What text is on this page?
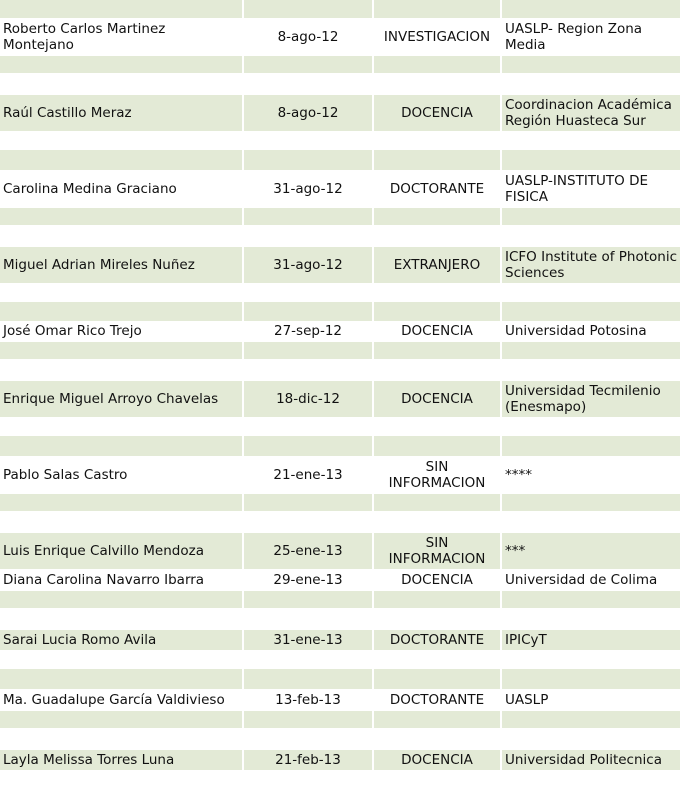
Roberto Carlos Martinez Montejano	8-ago-12	INVESTIGACION	UASLP- Region Zona Media

Raúl Castillo Meraz	8-ago-12	DOCENCIA	Coordinacion Académica Región Huasteca Sur

Carolina Medina Graciano	31-ago-12	DOCTORANTE	UASLP-INSTITUTO DE FISICA

Miguel Adrian Mireles Nuñez	31-ago-12	EXTRANJERO	ICFO Institute of Photonic Sciences

José Omar Rico Trejo	27-sep-12	DOCENCIA	Universidad Potosina

Enrique Miguel Arroyo Chavelas	18-dic-12	DOCENCIA	Universidad Tecmilenio (Enesmapo)

Pablo Salas Castro	21-ene-13	SIN INFORMACION	****

Luis Enrique Calvillo Mendoza	25-ene-13	SIN INFORMACION	***
Diana Carolina Navarro Ibarra	29-ene-13	DOCENCIA	Universidad de Colima

Sarai Lucia Romo Avila	31-ene-13	DOCTORANTE	IPICyT

Ma. Guadalupe García Valdivieso	13-feb-13	DOCTORANTE	UASLP

Layla Melissa Torres Luna	21-feb-13	DOCENCIA	Universidad Politecnica
